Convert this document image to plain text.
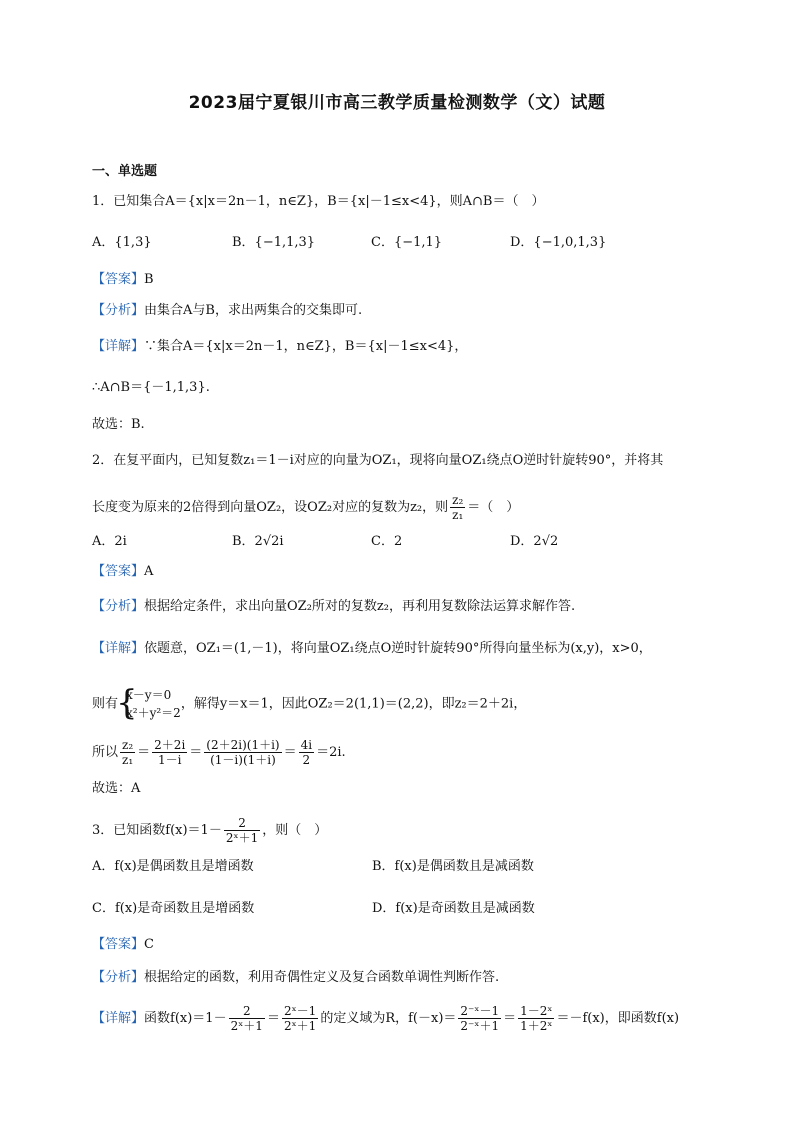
2023届宁夏银川市高三教学质量检测数学（文）试题
一、单选题
1．已知集合A＝{x|x＝2n－1，n∈Z}，B＝{x|－1≤x<4}，则A∩B＝（　）
A．{1,3}	B．{−1,1,3}	C．{−1,1}	D．{−1,0,1,3}
【答案】B
【分析】由集合A与B，求出两集合的交集即可.
【详解】∵集合A＝{x|x＝2n－1，n∈Z}，B＝{x|－1≤x<4}，
∴A∩B＝{－1,1,3}.
故选：B.
2．在复平面内，已知复数z₁＝1－i对应的向量为OZ₁，现将向量OZ₁绕点O逆时针旋转90°，并将其
长度变为原来的2倍得到向量OZ₂，设OZ₂对应的复数为z₂，则 $\frac{\text{z₂}}{\text{z₁}}$ ＝（　）
A．2i	B．2√2i	C．2	D．2√2
【答案】A
【分析】根据给定条件，求出向量OZ₂所对的复数z₂，再利用复数除法运算求解作答.
【详解】依题意，OZ₁＝(1,－1)，将向量OZ₁绕点O逆时针旋转90°所得向量坐标为(x,y)，x>0，
则有
{ x－y＝0
x²＋y²＝2
，解得y＝x＝1，因此OZ₂＝2(1,1)＝(2,2)，即z₂＝2＋2i，
所以 $\frac{\text{z₂}}{\text{z₁}} = \frac{2+2i}{1-i} = \frac{(2+2i)(1+i)}{(1-i)(1+i)} = \frac{4i}{2} =2i$.
故选：A
3．已知函数$f(x)=1- \frac{2}{\text{2ˣ＋1}}$ ，则（　）
A．f(x)是偶函数且是增函数	B．f(x)是偶函数且是减函数
C．f(x)是奇函数且是增函数	D．f(x)是奇函数且是减函数
【答案】C
【分析】根据给定的函数，利用奇偶性定义及复合函数单调性判断作答.
【详解】函数$f(x)=1- \frac{2}{\text{2ˣ＋1}} = \frac{\text{2ˣ－1}}{\text{2ˣ＋1}}$ 的定义域为R，$f(-x)= \frac{\text{2⁻ˣ－1}}{\text{2⁻ˣ＋1}} = \frac{\text{1－2ˣ}}{\text{1＋2ˣ}} =-f(x)$，即函数f(x)
